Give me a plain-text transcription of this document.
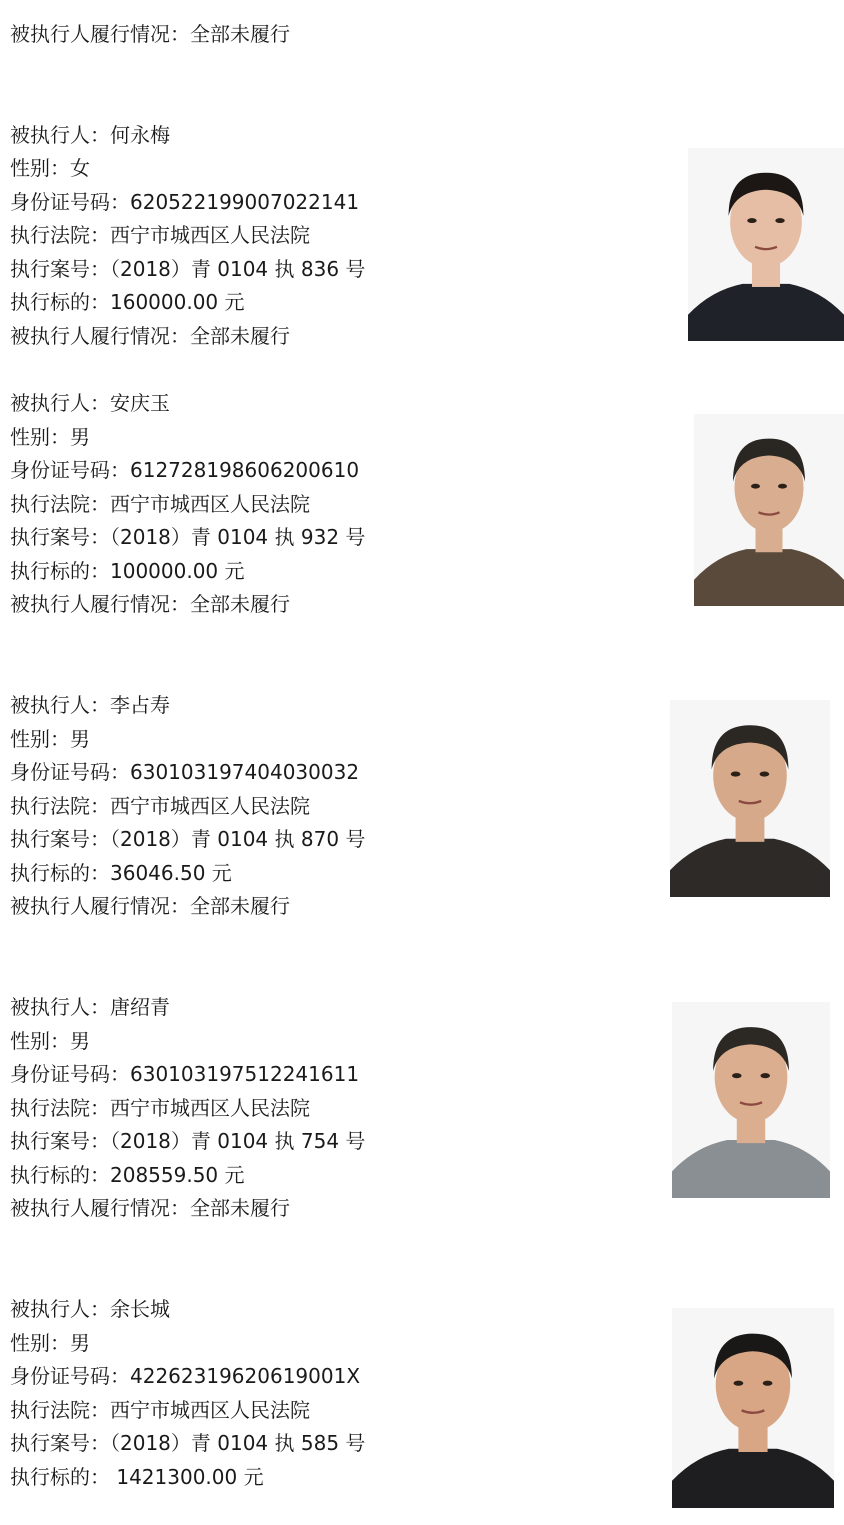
被执行人履行情况：全部未履行
被执行人：何永梅
性别：女
身份证号码：620522199007022141
执行法院：西宁市城西区人民法院
执行案号：（2018）青 0104 执 836 号
执行标的：160000.00 元
被执行人履行情况：全部未履行
被执行人：安庆玉
性别：男
身份证号码：612728198606200610
执行法院：西宁市城西区人民法院
执行案号：（2018）青 0104 执 932 号
执行标的：100000.00 元
被执行人履行情况：全部未履行
被执行人：李占寿
性别：男
身份证号码：630103197404030032
执行法院：西宁市城西区人民法院
执行案号：（2018）青 0104 执 870 号
执行标的：36046.50 元
被执行人履行情况：全部未履行
被执行人：唐绍青
性别：男
身份证号码：630103197512241611
执行法院：西宁市城西区人民法院
执行案号：（2018）青 0104 执 754 号
执行标的：208559.50 元
被执行人履行情况：全部未履行
被执行人：余长城
性别：男
身份证号码：42262319620619001X
执行法院：西宁市城西区人民法院
执行案号：（2018）青 0104 执 585 号
执行标的： 1421300.00 元
